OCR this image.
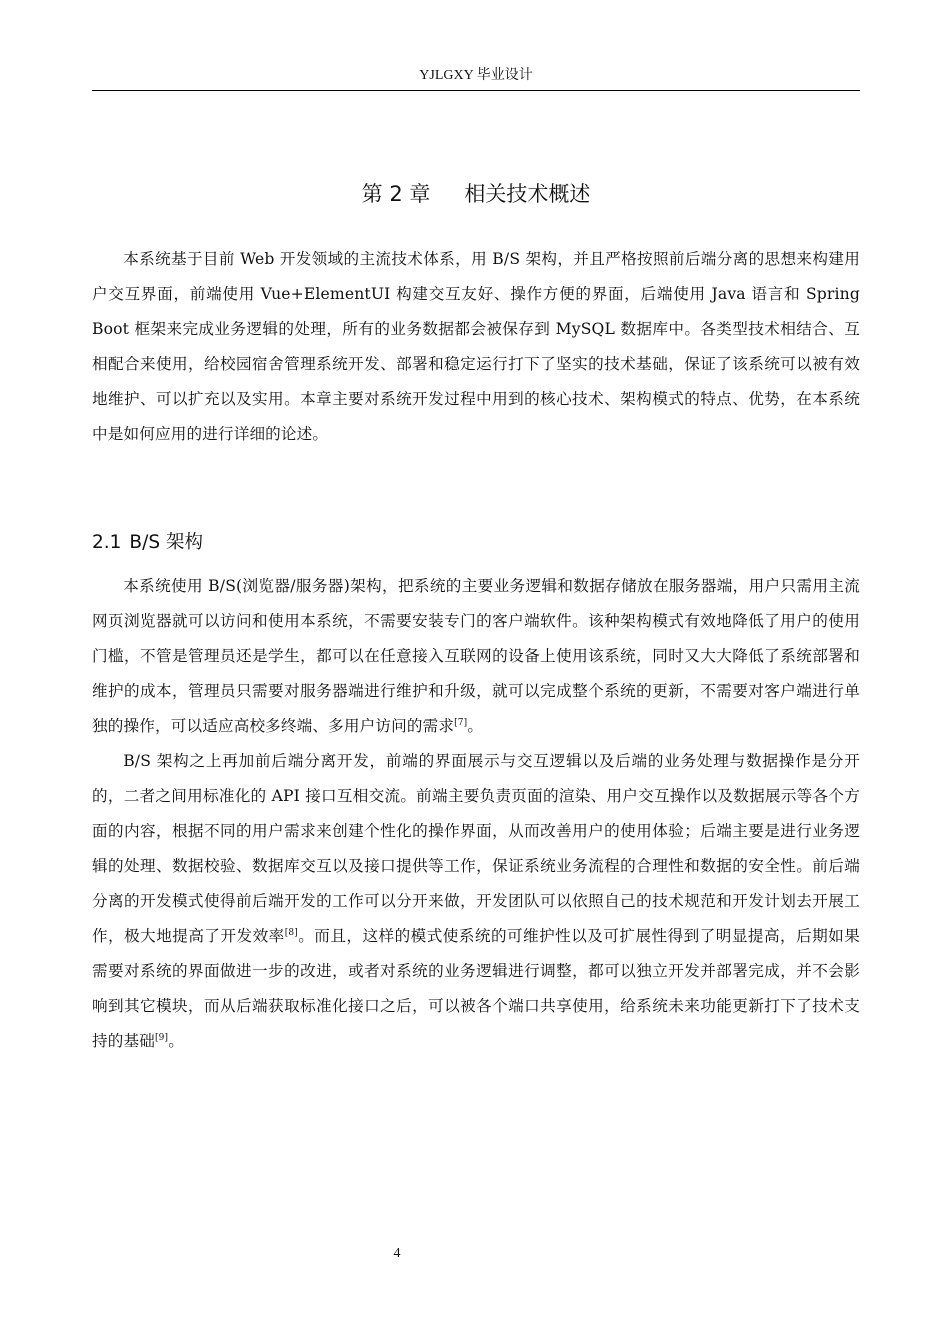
YJLGXY 毕业设计
第 2 章 相关技术概述

本系统基于目前 Web 开发领域的主流技术体系，用 B/S 架构，并且严格按照前后端分离的思想来构建用户交互界面，前端使用 Vue+ElementUI 构建交互友好、操作方便的界面，后端使用 Java 语言和 Spring Boot 框架来完成业务逻辑的处理，所有的业务数据都会被保存到 MySQL 数据库中。各类型技术相结合、互相配合来使用，给校园宿舍管理系统开发、部署和稳定运行打下了坚实的技术基础，保证了该系统可以被有效地维护、可以扩充以及实用。本章主要对系统开发过程中用到的核心技术、架构模式的特点、优势，在本系统中是如何应用的进行详细的论述。

2.1 B/S 架构

本系统使用 B/S(浏览器/服务器)架构，把系统的主要业务逻辑和数据存储放在服务器端，用户只需用主流网页浏览器就可以访问和使用本系统，不需要安装专门的客户端软件。该种架构模式有效地降低了用户的使用门槛，不管是管理员还是学生，都可以在任意接入互联网的设备上使用该系统，同时又大大降低了系统部署和维护的成本，管理员只需要对服务器端进行维护和升级，就可以完成整个系统的更新，不需要对客户端进行单独的操作，可以适应高校多终端、多用户访问的需求[7]。

B/S 架构之上再加前后端分离开发，前端的界面展示与交互逻辑以及后端的业务处理与数据操作是分开的，二者之间用标准化的 API 接口互相交流。前端主要负责页面的渲染、用户交互操作以及数据展示等各个方面的内容，根据不同的用户需求来创建个性化的操作界面，从而改善用户的使用体验；后端主要是进行业务逻辑的处理、数据校验、数据库交互以及接口提供等工作，保证系统业务流程的合理性和数据的安全性。前后端分离的开发模式使得前后端开发的工作可以分开来做，开发团队可以依照自己的技术规范和开发计划去开展工作，极大地提高了开发效率[8]。而且，这样的模式使系统的可维护性以及可扩展性得到了明显提高，后期如果需要对系统的界面做进一步的改进，或者对系统的业务逻辑进行调整，都可以独立开发并部署完成，并不会影响到其它模块，而从后端获取标准化接口之后，可以被各个端口共享使用，给系统未来功能更新打下了技术支持的基础[9]。

4
